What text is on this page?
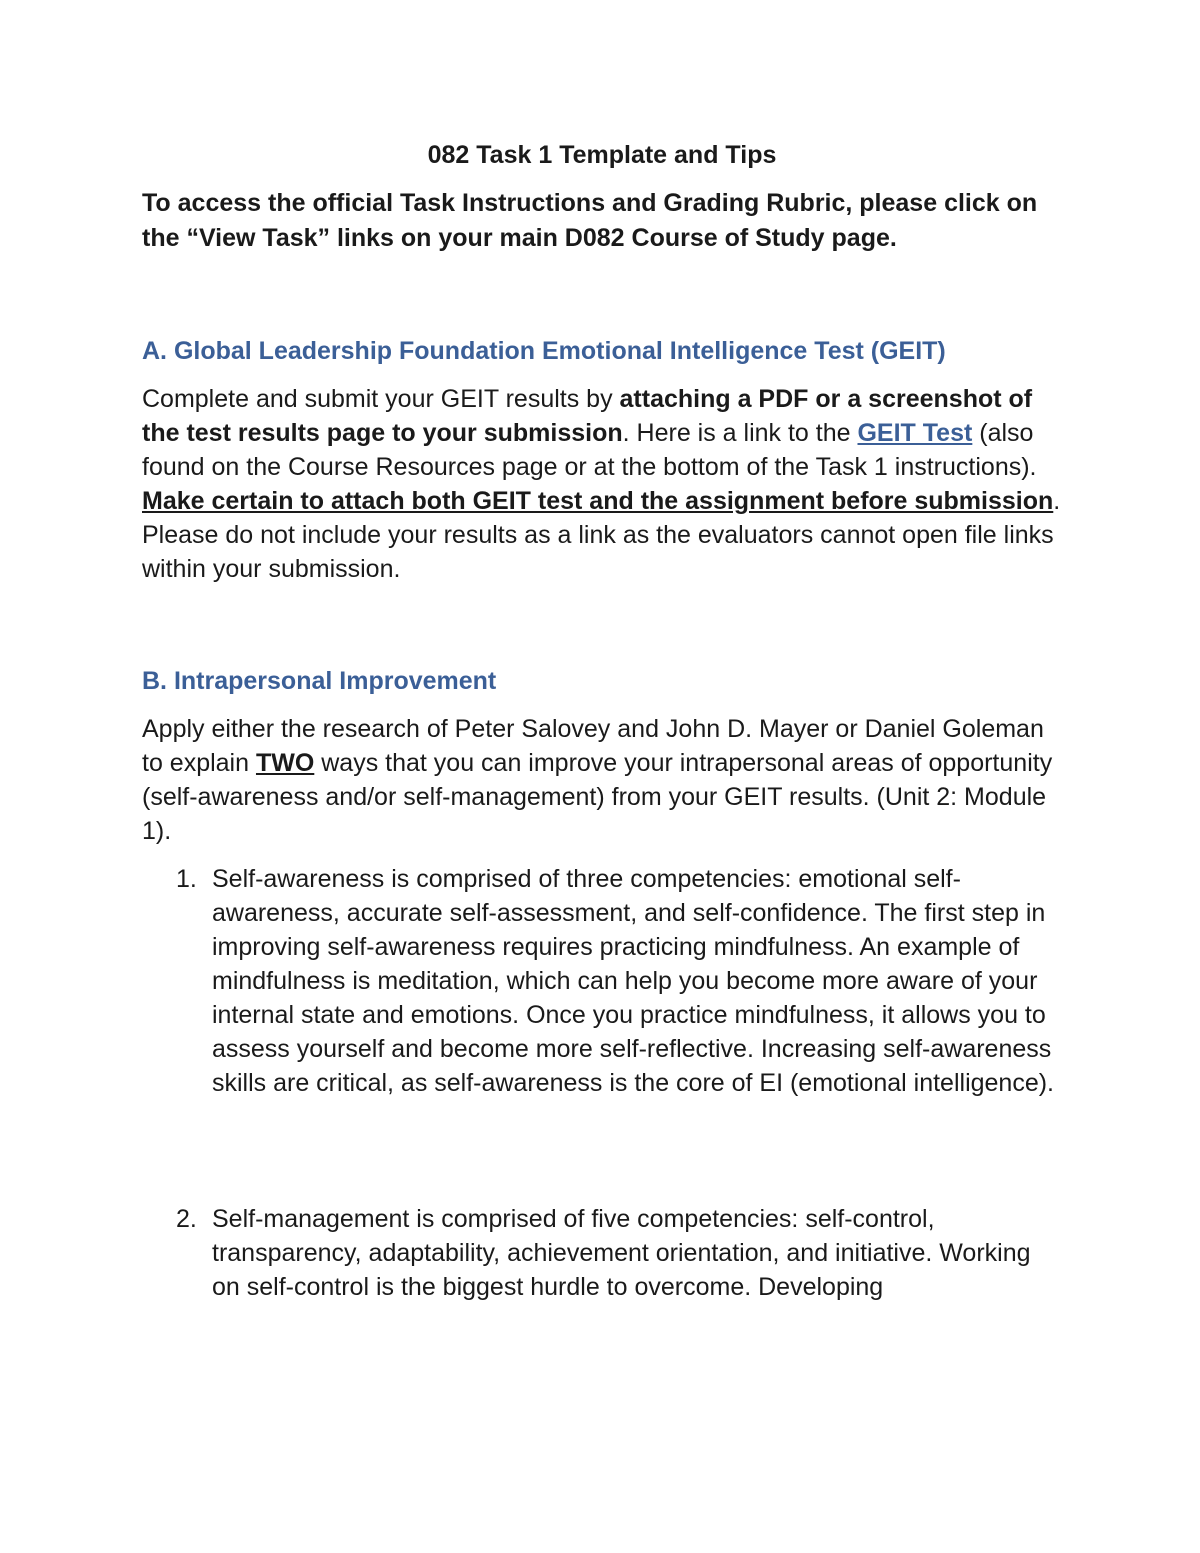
082 Task 1 Template and Tips

To access the official Task Instructions and Grading Rubric, please click on the “View Task” links on your main D082 Course of Study page.

A. Global Leadership Foundation Emotional Intelligence Test (GEIT)

Complete and submit your GEIT results by attaching a PDF or a screenshot of the test results page to your submission. Here is a link to the GEIT Test (also found on the Course Resources page or at the bottom of the Task 1 instructions). Make certain to attach both GEIT test and the assignment before submission. Please do not include your results as a link as the evaluators cannot open file links within your submission.

B. Intrapersonal Improvement

Apply either the research of Peter Salovey and John D. Mayer or Daniel Goleman to explain TWO ways that you can improve your intrapersonal areas of opportunity (self-awareness and/or self-management) from your GEIT results. (Unit 2: Module 1).

1. Self-awareness is comprised of three competencies: emotional self-awareness, accurate self-assessment, and self-confidence. The first step in improving self-awareness requires practicing mindfulness. An example of mindfulness is meditation, which can help you become more aware of your internal state and emotions. Once you practice mindfulness, it allows you to assess yourself and become more self-reflective. Increasing self-awareness skills are critical, as self-awareness is the core of EI (emotional intelligence).
2. Self-management is comprised of five competencies: self-control, transparency, adaptability, achievement orientation, and initiative. Working on self-control is the biggest hurdle to overcome. Developing
